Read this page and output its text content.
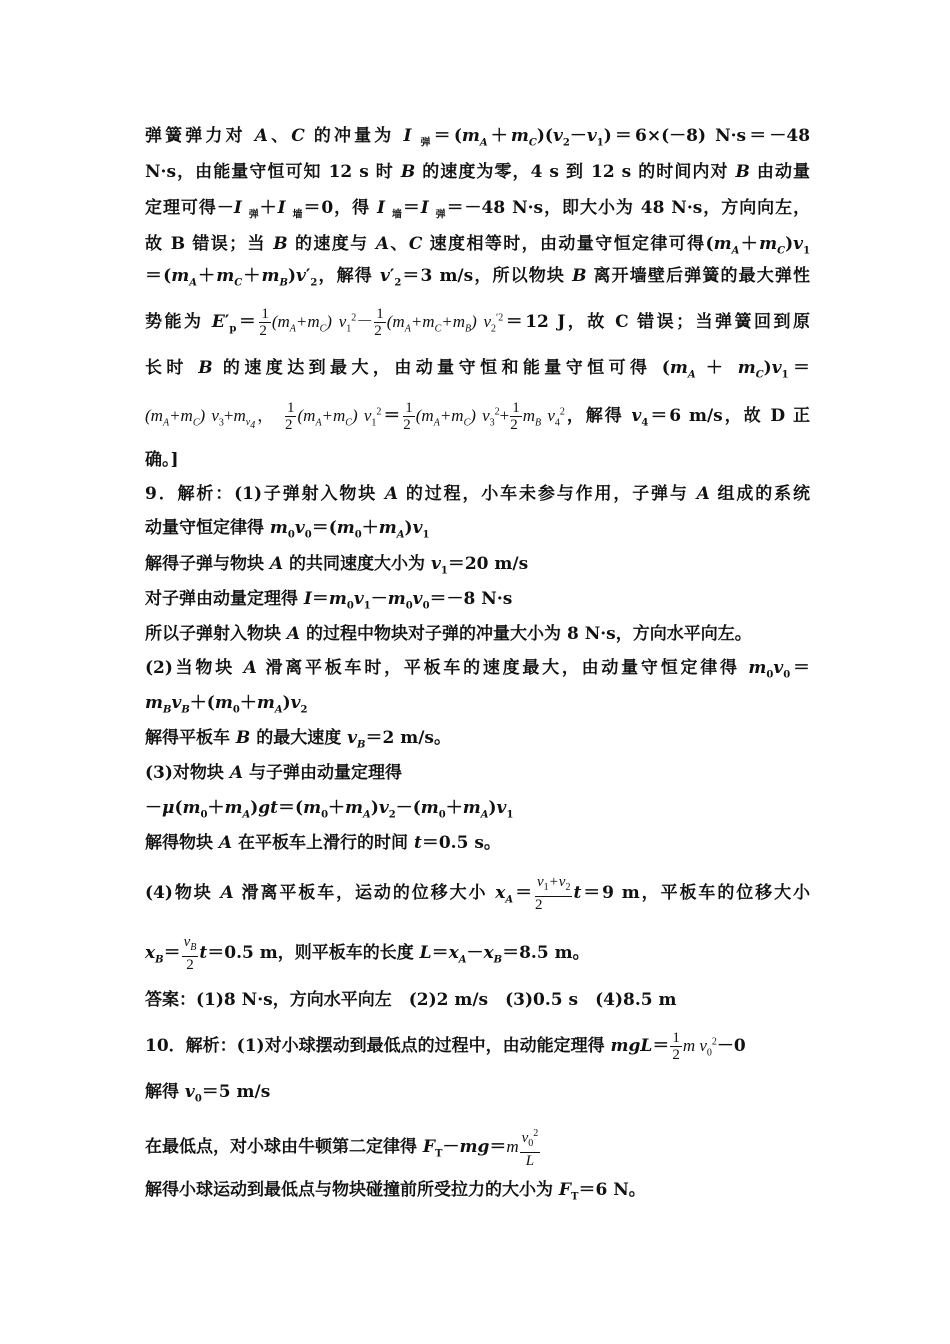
弹簧弹力对 A、C 的冲量为 I $_弹=(m_A+m_C)(v_2-v_1)=6\times(-8)$ N·s＝－48
N·s，由能量守恒可知 12 s 时 B 的速度为零，4 s 到 12 s 的时间内对 B 由动量
定理可得－I $_弹$＋I $_墙$＝0，得 I $_墙$＝I $_弹$＝－48 N·s，即大小为 48 N·s，方向向左，
故 B 错误；当 B 的速度与 A、C 速度相等时，由动量守恒定律可得$(m_A+m_C)v_1$
$=(m_A+m_C+m_B)v'_2$，解得 $v'_2=3$ m/s，所以物块 B 离开墙壁后弹簧的最大弹性
势能为 $E'_p= \frac{1}{2} (m_A+m_C)$ $v_1^2- \frac{1}{2} (m_A+m_C+m_B)$ $v_2^{'2}=12$ J，故 C 错误；当弹簧回到原
长时 B 的速度达到最大，由动量守恒和能量守恒可得 $(m_A + m_C)v_1=$
$(m_A+m_C)$ $v_3+m_{v_4}$， $\frac{1}{2} (m_A+m_C)$ $v_1^2= \frac{1}{2} (m_A+m_C)$ $v_3^2+ \frac{1}{2} m_B$ $v_4^2$，解得 $v_4=6$ m/s，故 D 正
确。]
9．解析：(1)子弹射入物块 A 的过程，小车未参与作用，子弹与 A 组成的系统
动量守恒定律得 $m_0v_0=(m_0+m_A)v_1$
解得子弹与物块 A 的共同速度大小为 $v_1=20$ m/s
对子弹由动量定理得 $I=m_0v_1-m_0v_0=-8$ N·s
所以子弹射入物块 A 的过程中物块对子弹的冲量大小为 8 N·s，方向水平向左。
(2)当物块 A 滑离平板车时，平板车的速度最大，由动量守恒定律得 $m_0v_0=$
$m_Bv_B+(m_0+m_A)v_2$
解得平板车 B 的最大速度 $v_B=2$ m/s。
(3)对物块 A 与子弹由动量定理得
$-\mu(m_0+m_A)gt=(m_0+m_A)v_2-(m_0+m_A)v_1$
解得物块 A 在平板车上滑行的时间 t＝0.5 s。
(4)物块 A 滑离平板车，运动的位移大小 $x_A= \frac{v_1+v_2}{2} t=9$ m，平板车的位移大小
$x_B= \frac{v_B}{2} t=0.5$ m，则平板车的长度 $L=x_A-x_B=8.5$ m。
答案：(1)8 N·s，方向水平向左　(2)2 m/s　(3)0.5 s　(4)8.5 m
10．解析：(1)对小球摆动到最低点的过程中，由动能定理得 $mgL= \frac{1}{2}$ m $v_0^2-0$
解得 $v_0=5$ m/s
在最低点，对小球由牛顿第二定律得 $F_T-mg=m \frac{v_0^2}{L}$
解得小球运动到最低点与物块碰撞前所受拉力的大小为 $F_T=6$ N。
